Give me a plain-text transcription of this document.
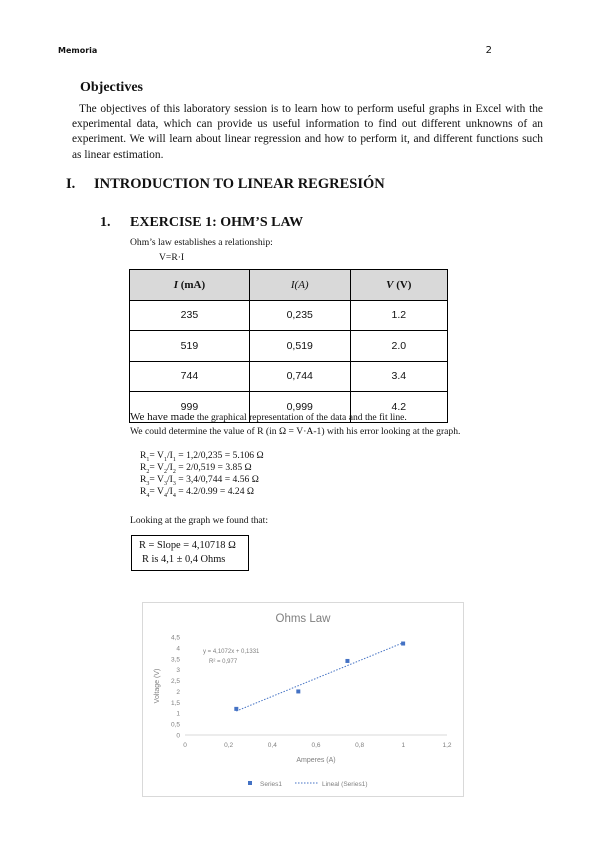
Memoria	2
Objectives
The objectives of this laboratory session is to learn how to perform useful graphs in Excel with the experimental data, which can provide us useful information to find out different unknowns of an experiment. We will learn about linear regression and how to perform it, and different functions such as linear estimation.
I.	INTRODUCTION TO LINEAR REGRESIÓN
1.	EXERCISE 1: OHM’S LAW
Ohm’s law establishes a relationship:
V=R·I
I (mA)	I(A)	V (V)
235	0,235	1.2
519	0,519	2.0
744	0,744	3.4
999	0,999	4.2
We have made the graphical representation of the data and the fit line.
We could determine the value of R (in Ω = V·A-1) with his error looking at the graph.
$R_1= V_1/I_1 = 1,2/0,235 = 5.106$ Ω
$R_2= V_2/I_2 = 2/0,519 = 3.85$ Ω
$R_3= V_3/I_3 = 3,4/0,744 = 4.56$ Ω
$R_4= V_4/I_4 = 4.2/0.99 = 4.24$ Ω
Looking at the graph we found that:
R = Slope = 4,10718 Ω
R is 4,1 ± 0,4 Ohms
Ohms Law
0
0,5
1
1,5
2
2,5
3
3,5
4
4,5
0	0,2	0,4	0,6	0,8	1	1,2
Amperes (A)
Voltage (V)
y = 4,1072x + 0,1331
R² = 0,977
Series1	Lineal (Series1)
